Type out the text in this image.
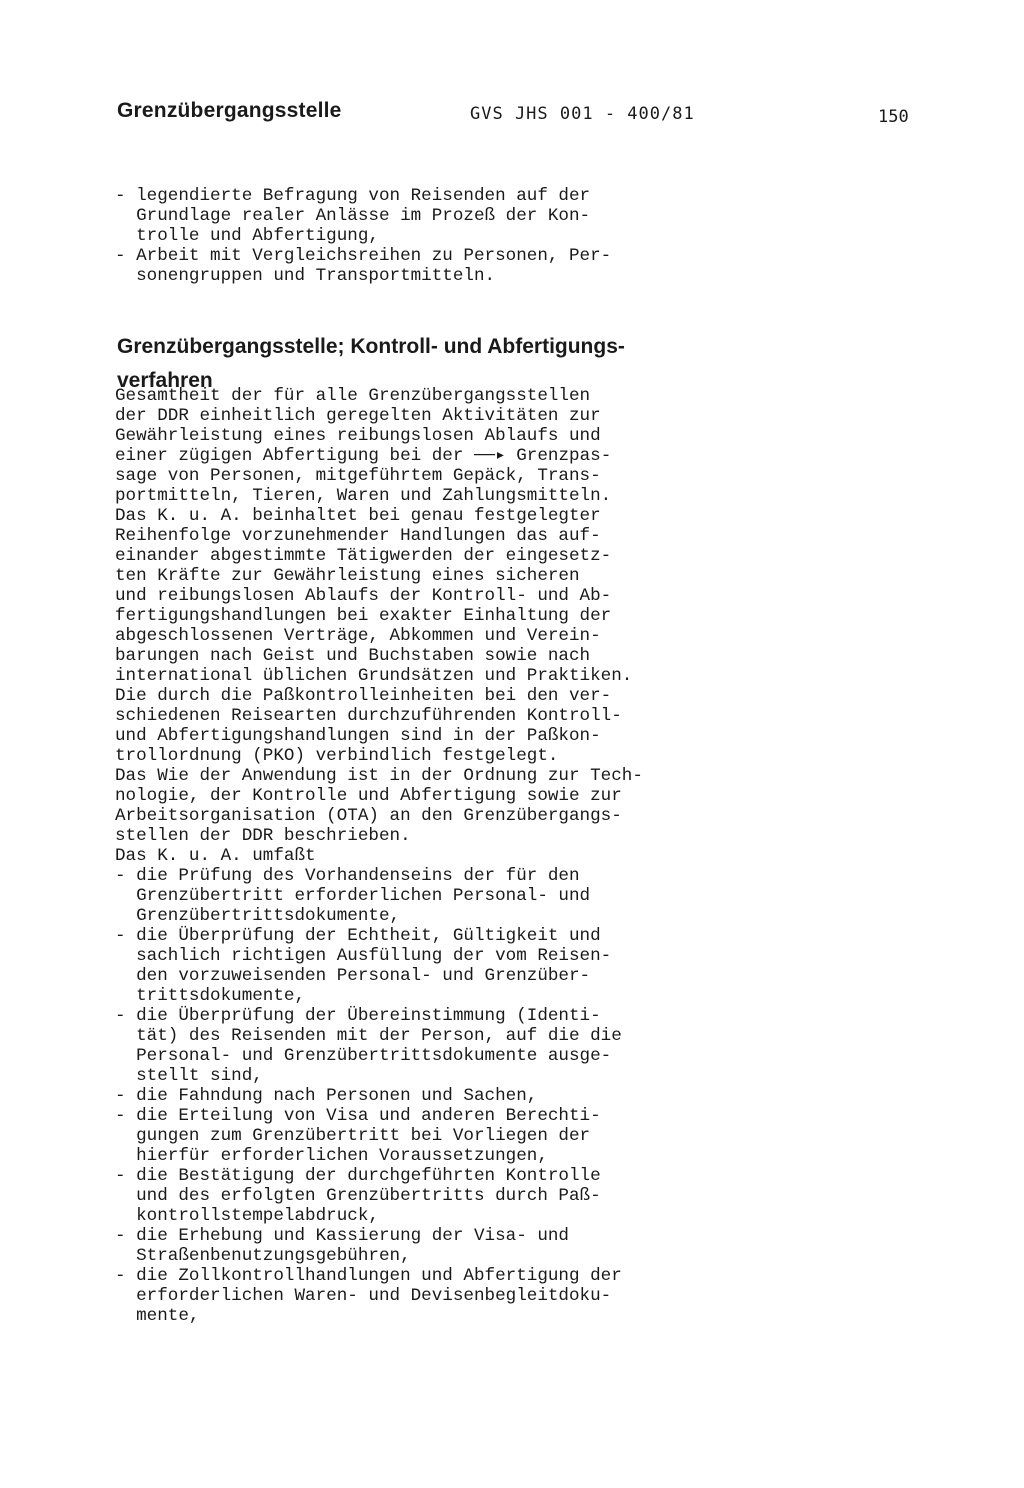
Grenzübergangsstelle	GVS JHS 001 - 400/81	150
- legendierte Befragung von Reisenden auf der
Grundlage realer Anlässe im Prozeß der Kon-
trolle und Abfertigung,
- Arbeit mit Vergleichsreihen zu Personen, Per-
sonengruppen und Transportmitteln.
Grenzübergangsstelle; Kontroll- und Abfertigungs-
verfahren
Gesamtheit der für alle Grenzübergangsstellen
der DDR einheitlich geregelten Aktivitäten zur
Gewährleistung eines reibungslosen Ablaufs und
einer zügigen Abfertigung bei der ──▸ Grenzpas-
sage von Personen, mitgeführtem Gepäck, Trans-
portmitteln, Tieren, Waren und Zahlungsmitteln.
Das K. u. A. beinhaltet bei genau festgelegter
Reihenfolge vorzunehmender Handlungen das auf-
einander abgestimmte Tätigwerden der eingesetz-
ten Kräfte zur Gewährleistung eines sicheren
und reibungslosen Ablaufs der Kontroll- und Ab-
fertigungshandlungen bei exakter Einhaltung der
abgeschlossenen Verträge, Abkommen und Verein-
barungen nach Geist und Buchstaben sowie nach
international üblichen Grundsätzen und Praktiken.
Die durch die Paßkontrolleinheiten bei den ver-
schiedenen Reisearten durchzuführenden Kontroll-
und Abfertigungshandlungen sind in der Paßkon-
trollordnung (PKO) verbindlich festgelegt.
Das Wie der Anwendung ist in der Ordnung zur Tech-
nologie, der Kontrolle und Abfertigung sowie zur
Arbeitsorganisation (OTA) an den Grenzübergangs-
stellen der DDR beschrieben.
Das K. u. A. umfaßt
- die Prüfung des Vorhandenseins der für den
Grenzübertritt erforderlichen Personal- und
Grenzübertrittsdokumente,
- die Überprüfung der Echtheit, Gültigkeit und
sachlich richtigen Ausfüllung der vom Reisen-
den vorzuweisenden Personal- und Grenzüber-
trittsdokumente,
- die Überprüfung der Übereinstimmung (Identi-
tät) des Reisenden mit der Person, auf die die
Personal- und Grenzübertrittsdokumente ausge-
stellt sind,
- die Fahndung nach Personen und Sachen,
- die Erteilung von Visa und anderen Berechti-
gungen zum Grenzübertritt bei Vorliegen der
hierfür erforderlichen Voraussetzungen,
- die Bestätigung der durchgeführten Kontrolle
und des erfolgten Grenzübertritts durch Paß-
kontrollstempelabdruck,
- die Erhebung und Kassierung der Visa- und
Straßenbenutzungsgebühren,
- die Zollkontrollhandlungen und Abfertigung der
erforderlichen Waren- und Devisenbegleitdoku-
mente,
